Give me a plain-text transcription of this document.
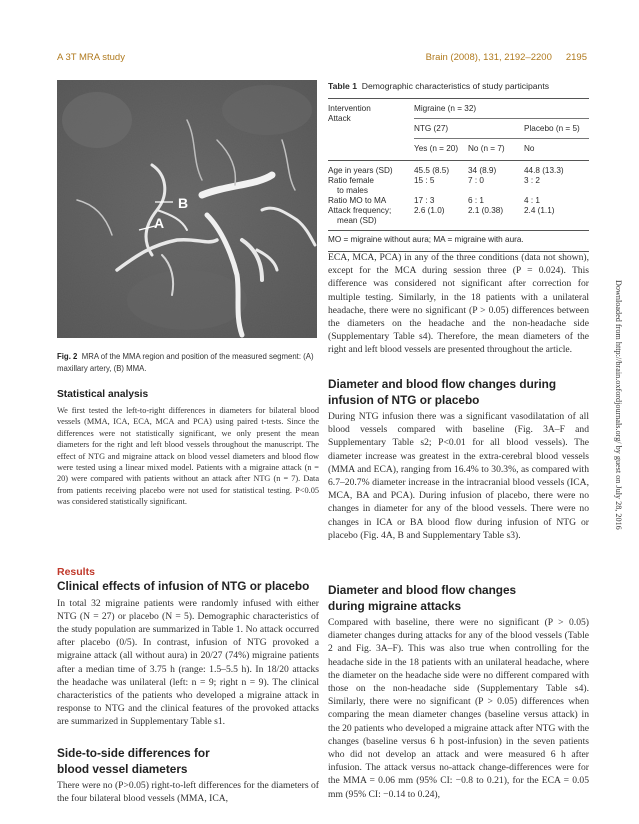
A 3T MRA study	Brain (2008), 131, 2192–2200 2195
Downloaded from http://brain.oxfordjournals.org/ by guest on July 28, 2016
B
A
Fig. 2 MRA of the MMA region and position of the measured segment: (A) maxillary artery, (B) MMA.
Statistical analysis
We first tested the left-to-right differences in diameters for bilateral blood vessels (MMA, ICA, ECA, MCA and PCA) using paired t-tests. Since the differences were not statistically significant, we only present the mean diameters for the right and left blood vessels throughout the manuscript. The effect of NTG and migraine attack on blood vessel diameters and blood flow were tested using a linear mixed model. Patients with a migraine attack (n = 20) were compared with patients without an attack after NTG (n = 7). Data from patients receiving placebo were not used for statistical testing. P<0.05 was considered statistically significant.
Results
Clinical effects of infusion of NTG or placebo
In total 32 migraine patients were randomly infused with either NTG (N = 27) or placebo (N = 5). Demographic characteristics of the study population are summarized in Table 1. No attack occurred after placebo (0/5). In contrast, infusion of NTG provoked a migraine attack (all without aura) in 20/27 (74%) migraine patients after a median time of 3.75 h (range: 1.5–5.5 h). In 18/20 attacks the headache was unilateral (left: n = 9; right n = 9). The clinical characteristics of the patients who developed a migraine attack in response to NTG and the clinical features of the provoked attacks are summarized in Supplementary Table s1.
Side-to-side differences for
blood vessel diameters
There were no (P>0.05) right-to-left differences for the diameters of the four bilateral blood vessels (MMA, ICA,
Table 1 Demographic characteristics of study participants
Intervention
Attack
Migraine (n = 32)
NTG (27)	Placebo (n = 5)
Yes (n = 20) No (n = 7) No
Age in years (SD)	45.5 (8.5) 34 (8.9)	44.8 (13.3)
Ratio female	15 : 5	7 : 0	3 : 2
to males
Ratio MO to MA	17 : 3	6 : 1	4 : 1
Attack frequency;	2.6 (1.0)	2.1 (0.38)	2.4 (1.1)
mean (SD)
MO = migraine without aura; MA = migraine with aura.
ECA, MCA, PCA) in any of the three conditions (data not shown), except for the MCA during session three (P = 0.024). This difference was considered not significant after correction for multiple testing. Similarly, in the 18 patients with a unilateral headache, there were no significant (P > 0.05) differences between the diameters on the headache and the non-headache side (Supplementary Table s4). Therefore, the mean diameters of the right and left blood vessels are presented throughout the article.
Diameter and blood flow changes during
infusion of NTG or placebo
During NTG infusion there was a significant vasodilatation of all blood vessels compared with baseline (Fig. 3A–F and Supplementary Table s2; P<0.01 for all blood vessels). The diameter increase was greatest in the extra-cerebral blood vessels (MMA and ECA), ranging from 16.4% to 30.3%, as compared with 6.7–20.7% diameter increase in the intracranial blood vessels (ICA, MCA, BA and PCA). During infusion of placebo, there were no changes in diameter for any of the blood vessels. There were no changes in ICA or BA blood flow during infusion of NTG or placebo (Fig. 4A, B and Supplementary Table s3).
Diameter and blood flow changes
during migraine attacks
Compared with baseline, there were no significant (P > 0.05) diameter changes during attacks for any of the blood vessels (Table 2 and Fig. 3A–F). This was also true when controlling for the headache side in the 18 patients with an unilateral headache, where the diameter on the headache side were no different compared with those on the non-headache side (Supplementary Table s4). Similarly, there were no significant (P > 0.05) differences when comparing the mean diameter changes (baseline versus attack) in the 20 patients who developed a migraine attack after NTG with the changes (baseline versus 6 h post-infusion) in the seven patients who did not develop an attack and were measured 6 h after infusion. The attack versus no-attack change-differences were for the MMA = 0.06 mm (95% CI: −0.8 to 0.21), for the ECA = 0.05 mm (95% CI: −0.14 to 0.24),
